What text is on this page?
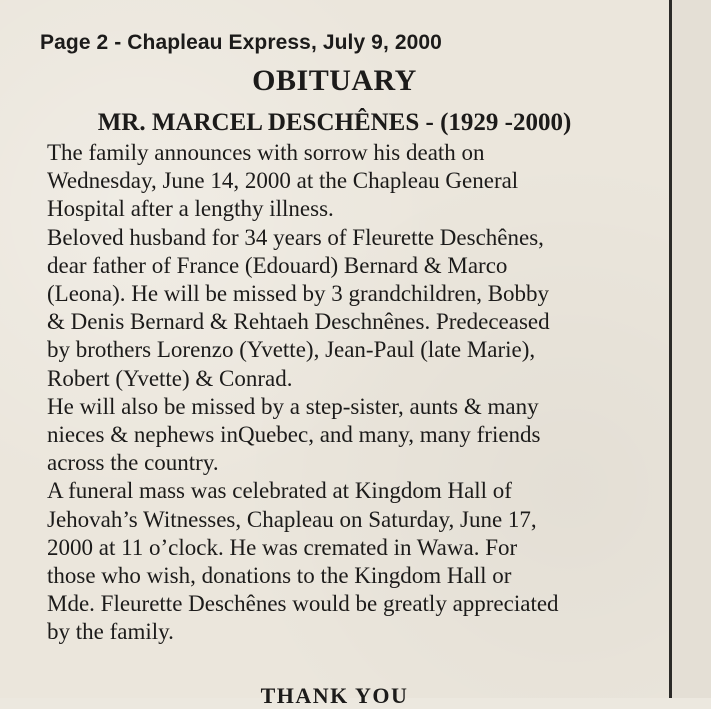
Page 2 - Chapleau Express, July 9, 2000
OBITUARY
MR. MARCEL DESCHÊNES - (1929 -2000)
The family announces with sorrow his death on
Wednesday, June 14, 2000 at the Chapleau General
Hospital after a lengthy illness.
Beloved husband for 34 years of Fleurette Deschênes,
dear father of France (Edouard) Bernard & Marco
(Leona). He will be missed by 3 grandchildren, Bobby
& Denis Bernard & Rehtaeh Deschnênes. Predeceased
by brothers Lorenzo (Yvette), Jean-Paul (late Marie),
Robert (Yvette) & Conrad.
He will also be missed by a step-sister, aunts & many
nieces & nephews inQuebec, and many, many friends
across the country.
A funeral mass was celebrated at Kingdom Hall of
Jehovah’s Witnesses, Chapleau on Saturday, June 17,
2000 at 11 o’clock. He was cremated in Wawa. For
those who wish, donations to the Kingdom Hall or
Mde. Fleurette Deschênes would be greatly appreciated
by the family.
THANK YOU
